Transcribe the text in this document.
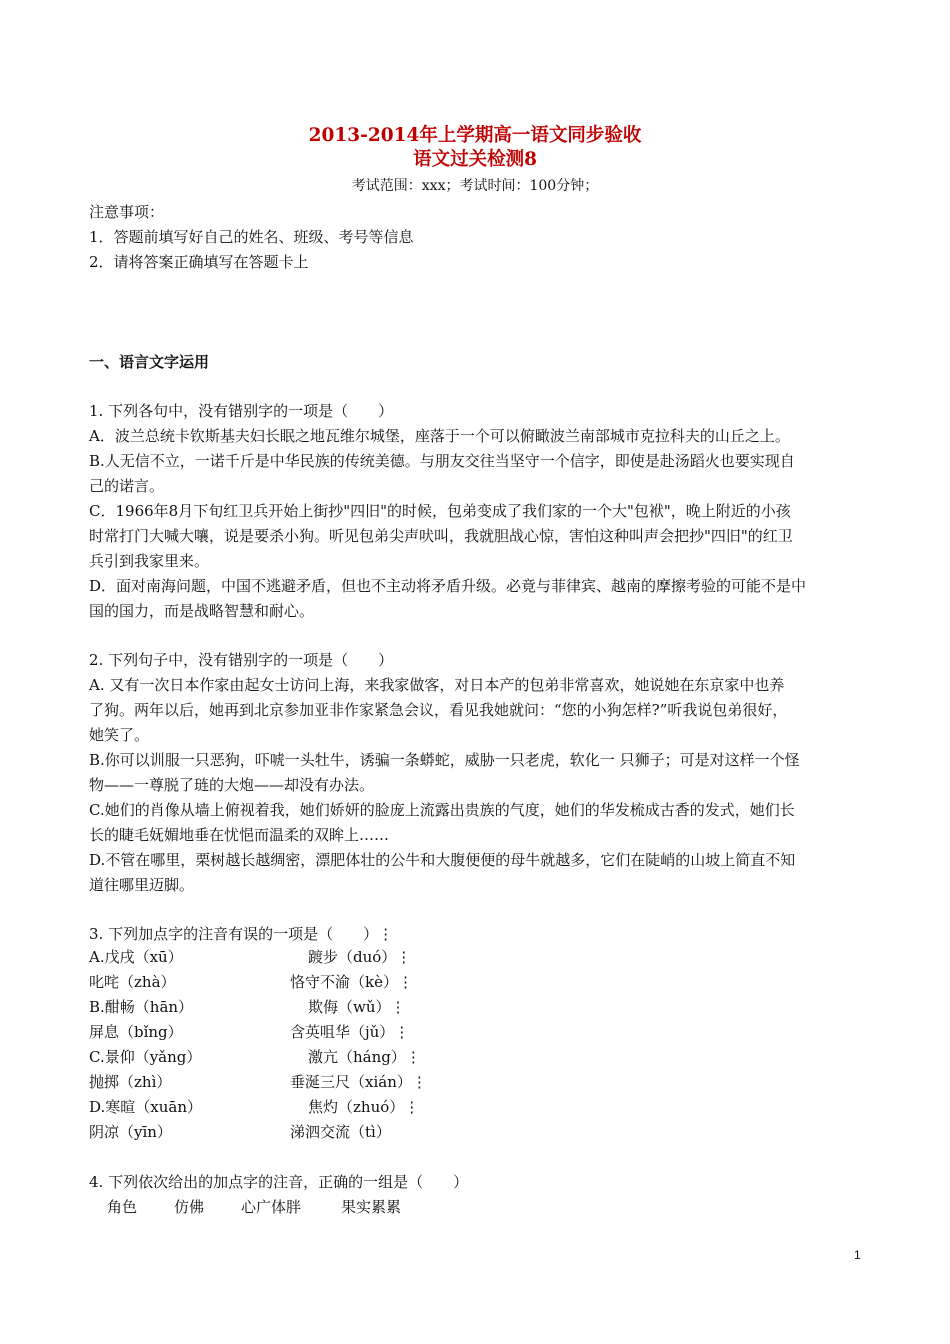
2013-2014年上学期高一语文同步验收
语文过关检测8
考试范围：xxx；考试时间：100分钟；
注意事项：
1．答题前填写好自己的姓名、班级、考号等信息
2．请将答案正确填写在答题卡上
一、语言文字运用
1. 下列各句中，没有错别字的一项是（　　）
A．波兰总统卡钦斯基夫妇长眠之地瓦维尔城堡，座落于一个可以俯瞰波兰南部城市克拉科夫的山丘之上。
B.人无信不立，一诺千斤是中华民族的传统美德。与朋友交往当坚守一个信字，即使是赴汤蹈火也要实现自
己的诺言。
C．1966年8月下旬红卫兵开始上街抄"四旧"的时候，包弟变成了我们家的一个大"包袱"，晚上附近的小孩
时常打门大喊大嚷，说是要杀小狗。听见包弟尖声吠叫，我就胆战心惊，害怕这种叫声会把抄"四旧"的红卫
兵引到我家里来。
D．面对南海问题，中国不逃避矛盾，但也不主动将矛盾升级。必竟与菲律宾、越南的摩擦考验的可能不是中
国的国力，而是战略智慧和耐心。
2. 下列句子中，没有错别字的一项是（　　）
A. 又有一次日本作家由起女士访问上海，来我家做客，对日本产的包弟非常喜欢，她说她在东京家中也养
了狗。两年以后，她再到北京参加亚非作家紧急会议，看见我她就问：“您的小狗怎样?”听我说包弟很好，
她笑了。
B.你可以训服一只恶狗，吓唬一头牡牛，诱骗一条蟒蛇，威胁一只老虎，软化一 只狮子；可是对这样一个怪
物——一尊脱了琏的大炮——却没有办法。
C.她们的肖像从墙上俯视着我，她们娇妍的脸庞上流露出贵族的气度，她们的华发梳成古香的发式，她们长
长的睫毛妩媚地垂在忧悒而温柔的双眸上……
D.不管在哪里，栗树越长越绸密，漂肥体壮的公牛和大腹便便的母牛就越多，它们在陡峭的山坡上简直不知
道往哪里迈脚。
3. 下列加点字的注音有误的一项是（　　）⋮
A.戊戌（xū）	踱步（duó）⋮
叱咤（zhà）	恪守不渝（kè）⋮
B.酣畅（hān）	欺侮（wǔ）⋮
屏息（bǐng）	含英咀华（jǔ）⋮
C.景仰（yǎng）	激亢（háng）⋮
抛掷（zhì）	垂涎三尺（xián）⋮
D.寒暄（xuān）	焦灼（zhuó）⋮
阴凉（yīn）	涕泗交流（tì）
4. 下列依次给出的加点字的注音，正确的一组是（　　）
角色 仿佛 心广体胖	果实累累
1
